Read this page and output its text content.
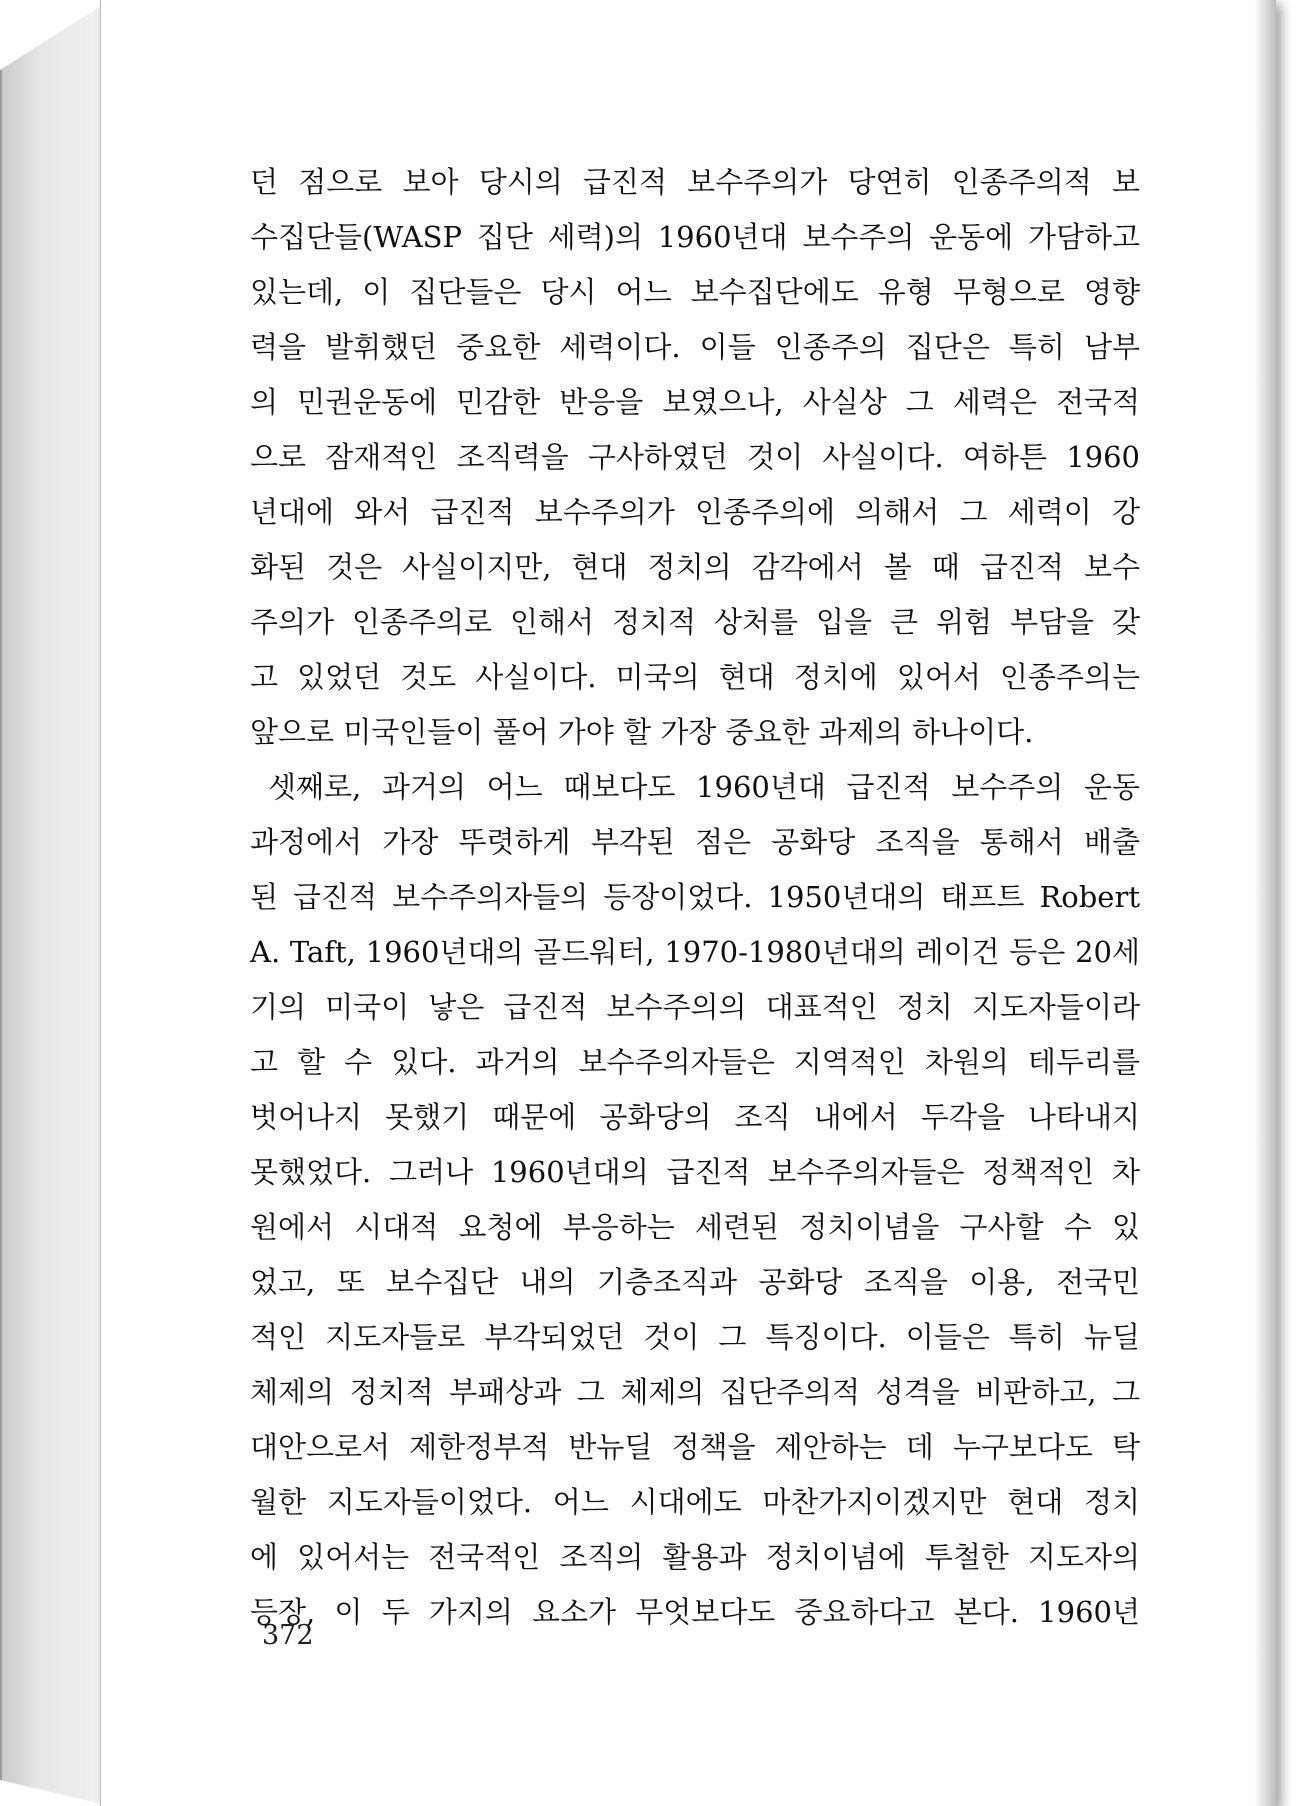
던 점으로 보아 당시의 급진적 보수주의가 당연히 인종주의적 보
수집단들(WASP 집단 세력)의 1960년대 보수주의 운동에 가담하고
있는데, 이 집단들은 당시 어느 보수집단에도 유형 무형으로 영향
력을 발휘했던 중요한 세력이다. 이들 인종주의 집단은 특히 남부
의 민권운동에 민감한 반응을 보였으나, 사실상 그 세력은 전국적
으로 잠재적인 조직력을 구사하였던 것이 사실이다. 여하튼 1960
년대에 와서 급진적 보수주의가 인종주의에 의해서 그 세력이 강
화된 것은 사실이지만, 현대 정치의 감각에서 볼 때 급진적 보수
주의가 인종주의로 인해서 정치적 상처를 입을 큰 위험 부담을 갖
고 있었던 것도 사실이다. 미국의 현대 정치에 있어서 인종주의는
앞으로 미국인들이 풀어 가야 할 가장 중요한 과제의 하나이다.
셋째로, 과거의 어느 때보다도 1960년대 급진적 보수주의 운동
과정에서 가장 뚜렷하게 부각된 점은 공화당 조직을 통해서 배출
된 급진적 보수주의자들의 등장이었다. 1950년대의 태프트 Robert
A. Taft, 1960년대의 골드워터, 1970-1980년대의 레이건 등은 20세
기의 미국이 낳은 급진적 보수주의의 대표적인 정치 지도자들이라
고 할 수 있다. 과거의 보수주의자들은 지역적인 차원의 테두리를
벗어나지 못했기 때문에 공화당의 조직 내에서 두각을 나타내지
못했었다. 그러나 1960년대의 급진적 보수주의자들은 정책적인 차
원에서 시대적 요청에 부응하는 세련된 정치이념을 구사할 수 있
었고, 또 보수집단 내의 기층조직과 공화당 조직을 이용, 전국민
적인 지도자들로 부각되었던 것이 그 특징이다. 이들은 특히 뉴딜
체제의 정치적 부패상과 그 체제의 집단주의적 성격을 비판하고, 그
대안으로서 제한정부적 반뉴딜 정책을 제안하는 데 누구보다도 탁
월한 지도자들이었다. 어느 시대에도 마찬가지이겠지만 현대 정치
에 있어서는 전국적인 조직의 활용과 정치이념에 투철한 지도자의
등장, 이 두 가지의 요소가 무엇보다도 중요하다고 본다. 1960년
372
